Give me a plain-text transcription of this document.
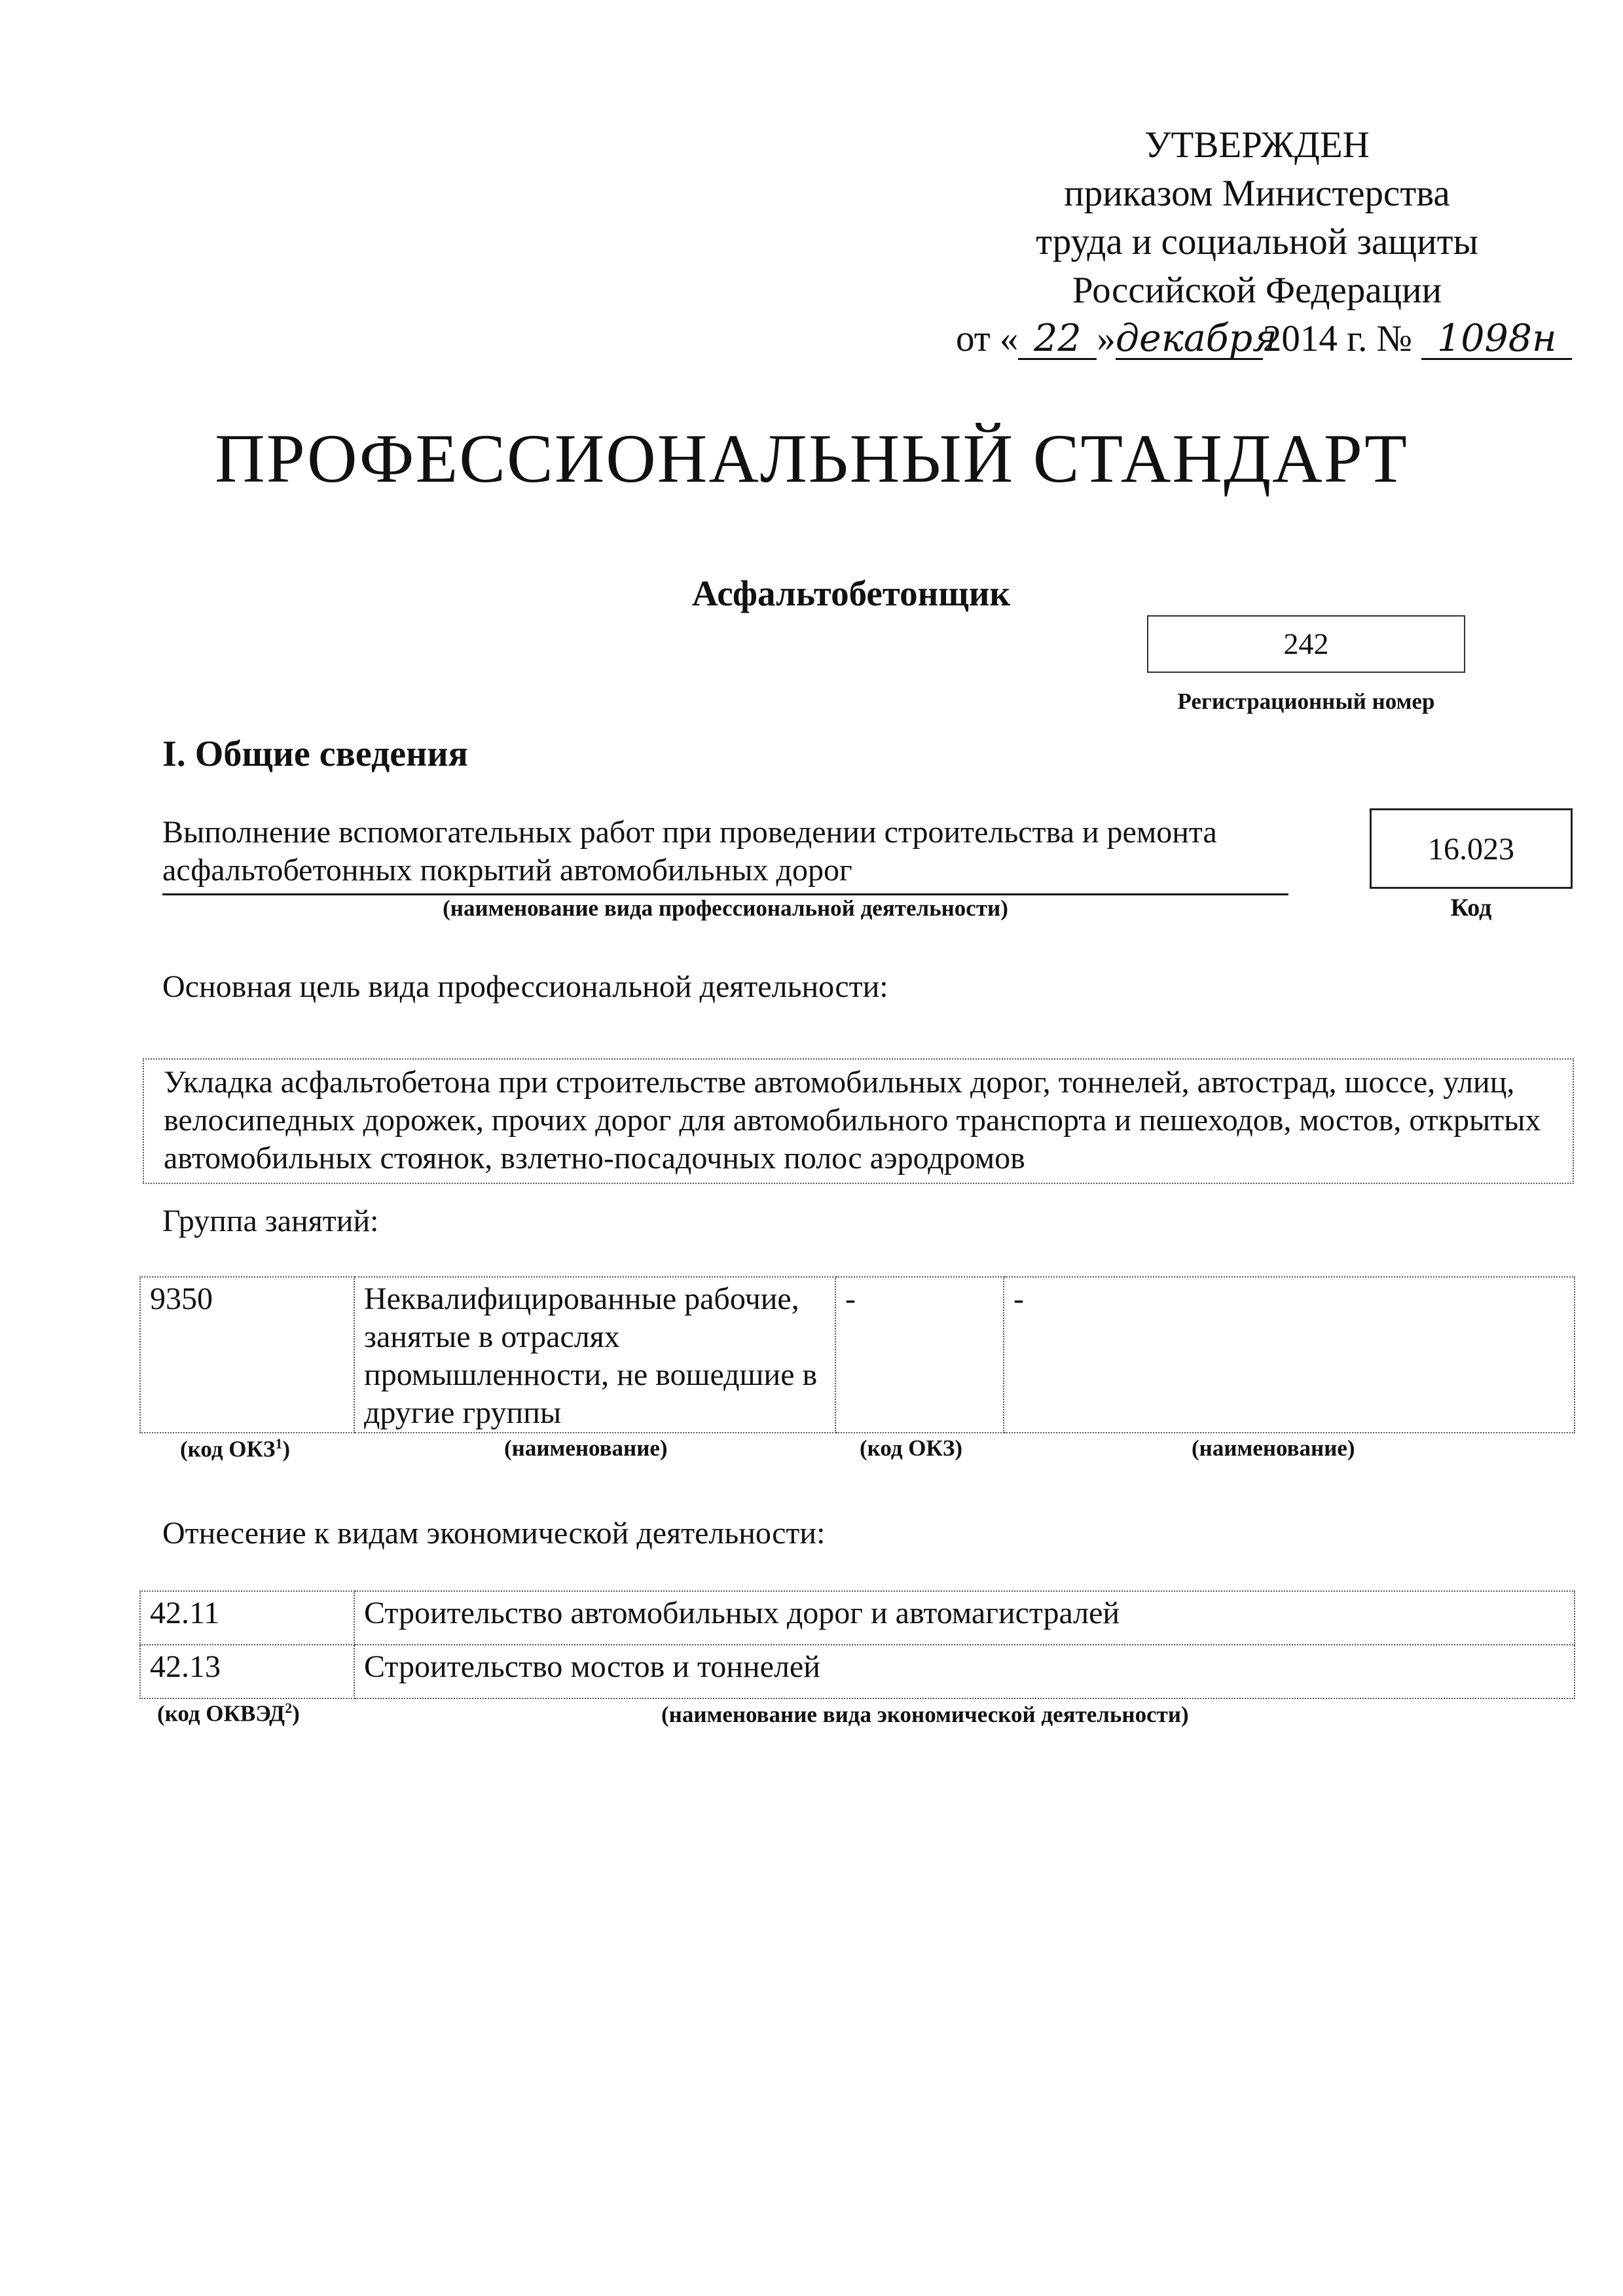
УТВЕРЖДЕН
приказом Министерства
труда и социальной защиты
Российской Федерации
от « 22 »декабря2014 г. № 1098н
ПРОФЕССИОНАЛЬНЫЙ СТАНДАРТ
Асфальтобетонщик
242
Регистрационный номер
I. Общие сведения
Выполнение вспомогательных работ при проведении строительства и ремонта асфальтобетонных покрытий автомобильных дорог
(наименование вида профессиональной деятельности)
16.023
Код
Основная цель вида профессиональной деятельности:
Укладка асфальтобетона при строительстве автомобильных дорог, тоннелей, автострад, шоссе, улиц, велосипедных дорожек, прочих дорог для автомобильного транспорта и пешеходов, мостов, открытых автомобильных стоянок, взлетно-посадочных полос аэродромов
Группа занятий:
9350	Неквалифицированные рабочие, занятые в отраслях промышленности, не вошедшие в другие группы	-	-
(код ОКЗ$^1$)	(наименование)	(код ОКЗ)	(наименование)
Отнесение к видам экономической деятельности:
42.11	Строительство автомобильных дорог и автомагистралей
42.13	Строительство мостов и тоннелей
(код ОКВЭД$^2$)	(наименование вида экономической деятельности)
